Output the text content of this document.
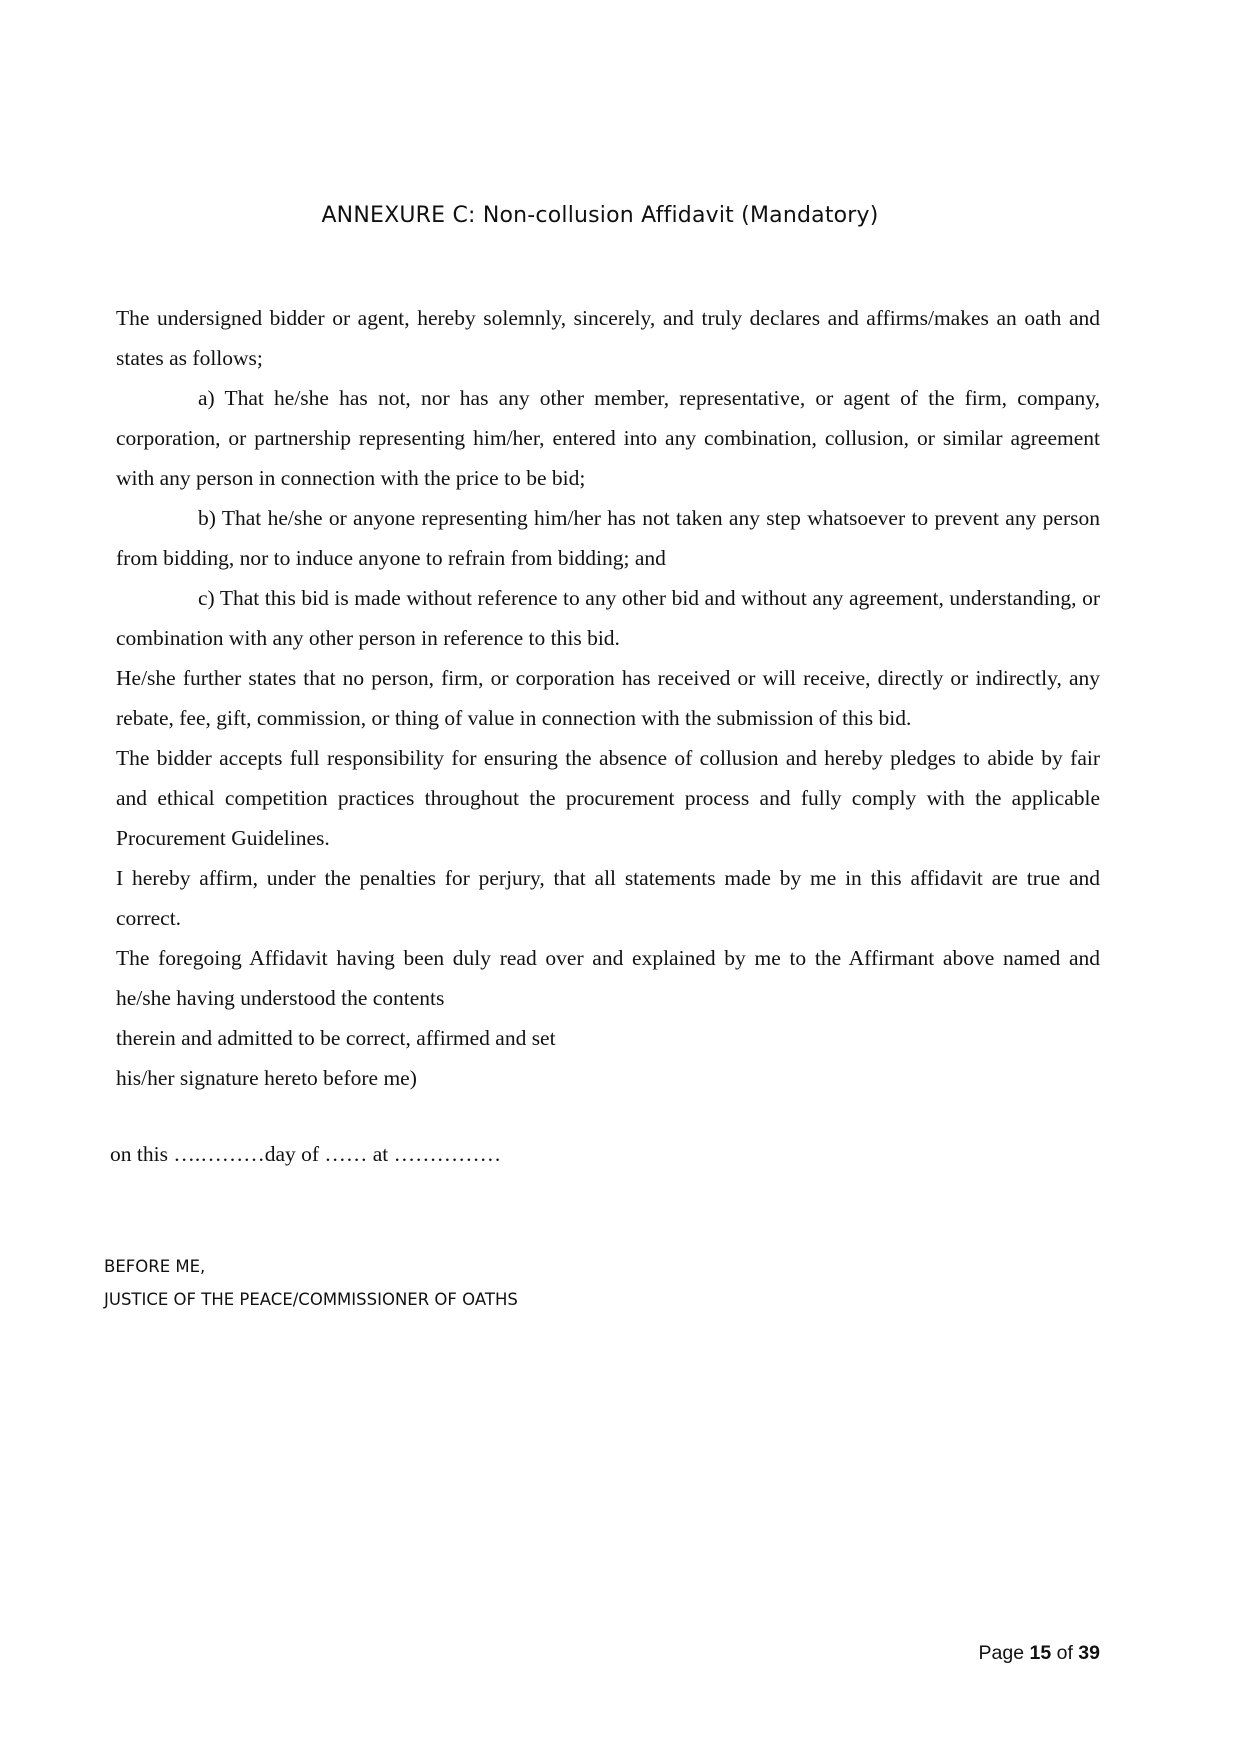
ANNEXURE C: Non-collusion Affidavit (Mandatory)

The undersigned bidder or agent, hereby solemnly, sincerely, and truly declares and affirms/makes an oath and states as follows;

a) That he/she has not, nor has any other member, representative, or agent of the firm, company, corporation, or partnership representing him/her, entered into any combination, collusion, or similar agreement with any person in connection with the price to be bid;

b) That he/she or anyone representing him/her has not taken any step whatsoever to prevent any person from bidding, nor to induce anyone to refrain from bidding; and

c) That this bid is made without reference to any other bid and without any agreement, understanding, or combination with any other person in reference to this bid.

He/she further states that no person, firm, or corporation has received or will receive, directly or indirectly, any rebate, fee, gift, commission, or thing of value in connection with the submission of this bid.

The bidder accepts full responsibility for ensuring the absence of collusion and hereby pledges to abide by fair and ethical competition practices throughout the procurement process and fully comply with the applicable Procurement Guidelines.

I hereby affirm, under the penalties for perjury, that all statements made by me in this affidavit are true and correct.

The foregoing Affidavit having been duly read over and explained by me to the Affirmant above named and he/she having understood the contents

therein and admitted to be correct, affirmed and set

his/her signature hereto before me)

on this ….………day of …… at ……………

BEFORE ME,
JUSTICE OF THE PEACE/COMMISSIONER OF OATHS
Page 15 of 39
